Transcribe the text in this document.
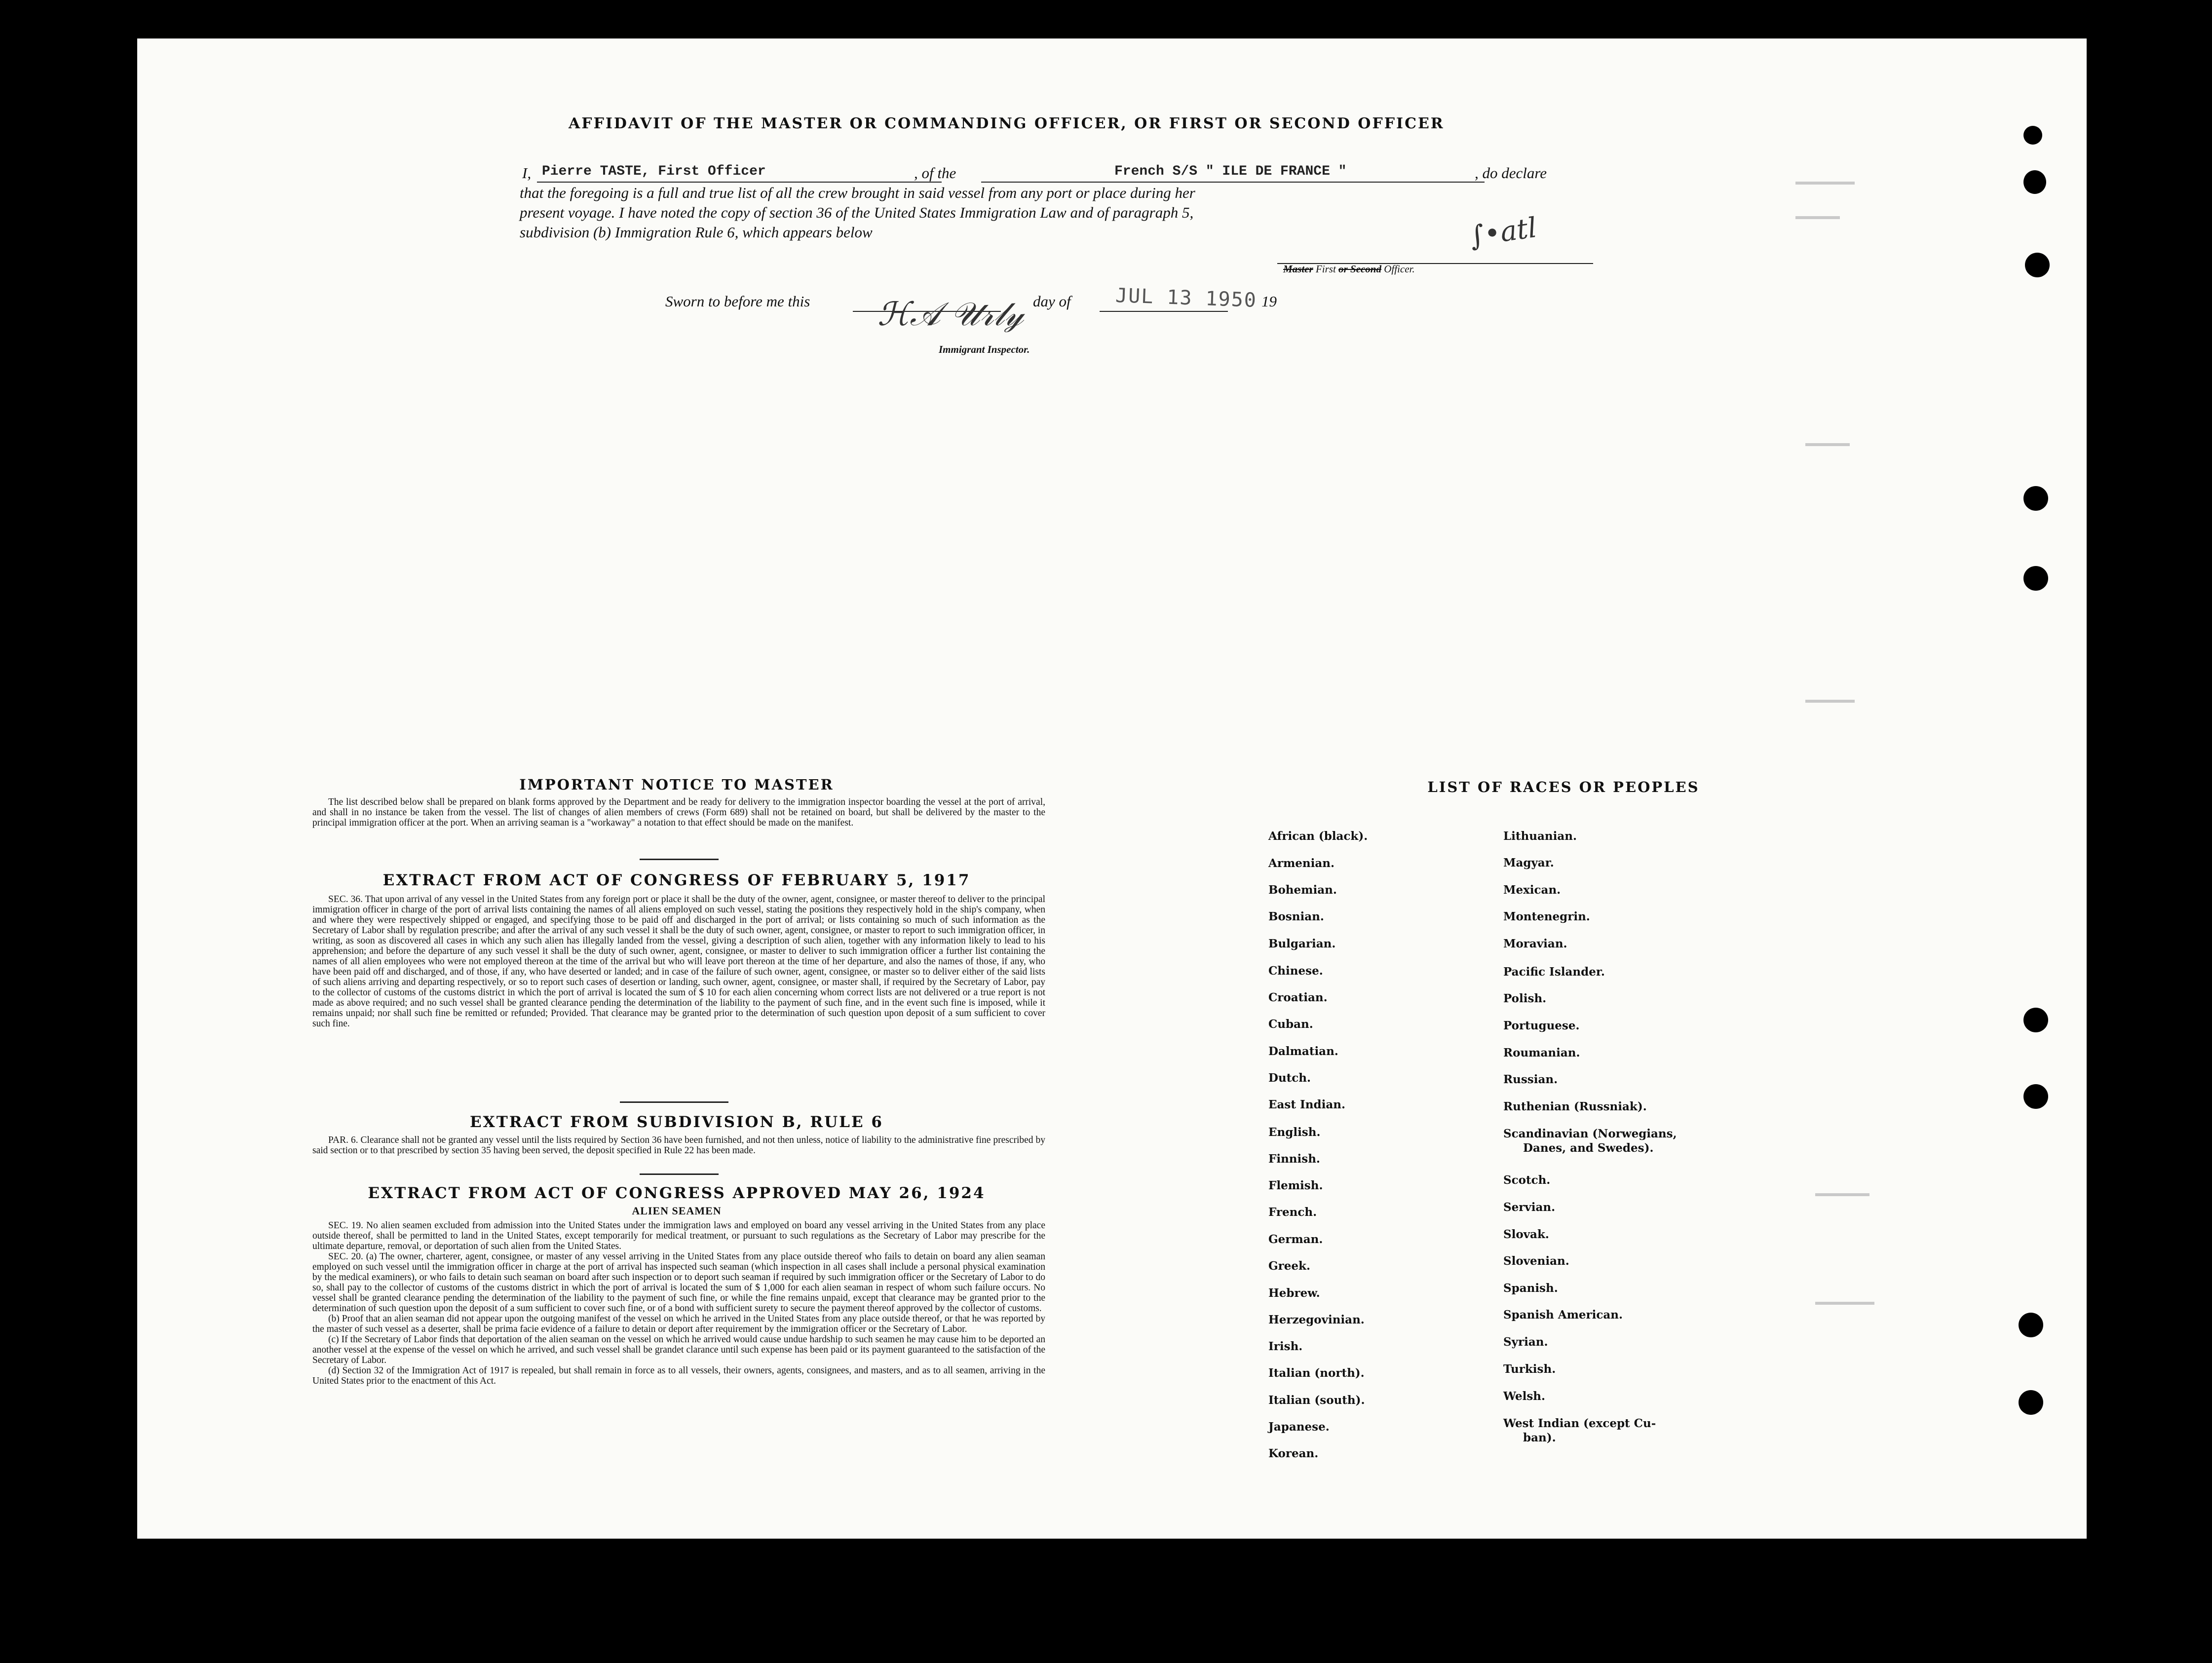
AFFIDAVIT OF THE MASTER OR COMMANDING OFFICER, OR FIRST OR SECOND OFFICER
I, Pierre TASTE, First Officer	, of the	French S/S " ILE DE FRANCE "	, do declare
that the foregoing is a full and true list of all the crew brought in said vessel from any port or place during her
present voyage. I have noted the copy of section 36 of the United States Immigration Law and of paragraph 5,
subdivision (b) Immigration Rule 6, which appears below	∫•𝑎𝑡𝑙
Master First or Second Officer.
Sworn to before me this	day of JUL 13 1950 19
ℋ𝒜 𝒰𝓇𝓁𝓎
Immigrant Inspector.
IMPORTANT NOTICE TO MASTER

The list described below shall be prepared on blank forms approved by the Department and be ready for delivery to the immigration inspector boarding the vessel at the port of arrival, and shall in no instance be taken from the vessel. The list of changes of alien members of crews (Form 689) shall not be retained on board, but shall be delivered by the master to the principal immigration officer at the port. When an arriving seaman is a "workaway" a notation to that effect should be made on the manifest.

EXTRACT FROM ACT OF CONGRESS OF FEBRUARY 5, 1917

SEC. 36. That upon arrival of any vessel in the United States from any foreign port or place it shall be the duty of the owner, agent, consignee, or master thereof to deliver to the principal immigration officer in charge of the port of arrival lists containing the names of all aliens employed on such vessel, stating the positions they respectively hold in the ship's company, when and where they were respectively shipped or engaged, and specifying those to be paid off and discharged in the port of arrival; or lists containing so much of such information as the Secretary of Labor shall by regulation prescribe; and after the arrival of any such vessel it shall be the duty of such owner, agent, consignee, or master to report to such immigration officer, in writing, as soon as discovered all cases in which any such alien has illegally landed from the vessel, giving a description of such alien, together with any information likely to lead to his apprehension; and before the departure of any such vessel it shall be the duty of such owner, agent, consignee, or master to deliver to such immigration officer a further list containing the names of all alien employees who were not employed thereon at the time of the arrival but who will leave port thereon at the time of her departure, and also the names of those, if any, who have been paid off and discharged, and of those, if any, who have deserted or landed; and in case of the failure of such owner, agent, consignee, or master so to deliver either of the said lists of such aliens arriving and departing respectively, or so to report such cases of desertion or landing, such owner, agent, consignee, or master shall, if required by the Secretary of Labor, pay to the collector of customs of the customs district in which the port of arrival is located the sum of $ 10 for each alien concerning whom correct lists are not delivered or a true report is not made as above required; and no such vessel shall be granted clearance pending the determination of the liability to the payment of such fine, and in the event such fine is imposed, while it remains unpaid; nor shall such fine be remitted or refunded; Provided. That clearance may be granted prior to the determination of such question upon deposit of a sum sufficient to cover such fine.

EXTRACT FROM SUBDIVISION B, RULE 6

PAR. 6. Clearance shall not be granted any vessel until the lists required by Section 36 have been furnished, and not then unless, notice of liability to the administrative fine prescribed by said section or to that prescribed by section 35 having been served, the deposit specified in Rule 22 has been made.

EXTRACT FROM ACT OF CONGRESS APPROVED MAY 26, 1924
ALIEN SEAMEN

SEC. 19. No alien seamen excluded from admission into the United States under the immigration laws and employed on board any vessel arriving in the United States from any place outside thereof, shall be permitted to land in the United States, except temporarily for medical treatment, or pursuant to such regulations as the Secretary of Labor may prescribe for the ultimate departure, removal, or deportation of such alien from the United States.

SEC. 20. (a) The owner, charterer, agent, consignee, or master of any vessel arriving in the United States from any place outside thereof who fails to detain on board any alien seaman employed on such vessel until the immigration officer in charge at the port of arrival has inspected such seaman (which inspection in all cases shall include a personal physical examination by the medical examiners), or who fails to detain such seaman on board after such inspection or to deport such seaman if required by such immigration officer or the Secretary of Labor to do so, shall pay to the collector of customs of the customs district in which the port of arrival is located the sum of $ 1,000 for each alien seaman in respect of whom such failure occurs. No vessel shall be granted clearance pending the determination of the liability to the payment of such fine, or while the fine remains unpaid, except that clearance may be granted prior to the determination of such question upon the deposit of a sum sufficient to cover such fine, or of a bond with sufficient surety to secure the payment thereof approved by the collector of customs.

(b) Proof that an alien seaman did not appear upon the outgoing manifest of the vessel on which he arrived in the United States from any place outside thereof, or that he was reported by the master of such vessel as a deserter, shall be prima facie evidence of a failure to detain or deport after requirement by the immigration officer or the Secretary of Labor.

(c) If the Secretary of Labor finds that deportation of the alien seaman on the vessel on which he arrived would cause undue hardship to such seamen he may cause him to be deported an another vessel at the expense of the vessel on which he arrived, and such vessel shall be grandet clarance until such expense has been paid or its payment guaranteed to the satisfaction of the Secretary of Labor.

(d) Section 32 of the Immigration Act of 1917 is repealed, but shall remain in force as to all vessels, their owners, agents, consignees, and masters, and as to all seamen, arriving in the United States prior to the enactment of this Act.

LIST OF RACES OR PEOPLES
African (black).
Armenian.
Bohemian.
Bosnian.
Bulgarian.
Chinese.
Croatian.
Cuban.
Dalmatian.
Dutch.
East Indian.
English.
Finnish.
Flemish.
French.
German.
Greek.
Hebrew.
Herzegovinian.
Irish.
Italian (north).
Italian (south).
Japanese.
Korean.
Lithuanian.
Magyar.
Mexican.
Montenegrin.
Moravian.
Pacific Islander.
Polish.
Portuguese.
Roumanian.
Russian.
Ruthenian (Russniak).
Scandinavian (Norwegians,
Danes, and Swedes).
Scotch.
Servian.
Slovak.
Slovenian.
Spanish.
Spanish American.
Syrian.
Turkish.
Welsh.
West Indian (except Cu-
ban).
